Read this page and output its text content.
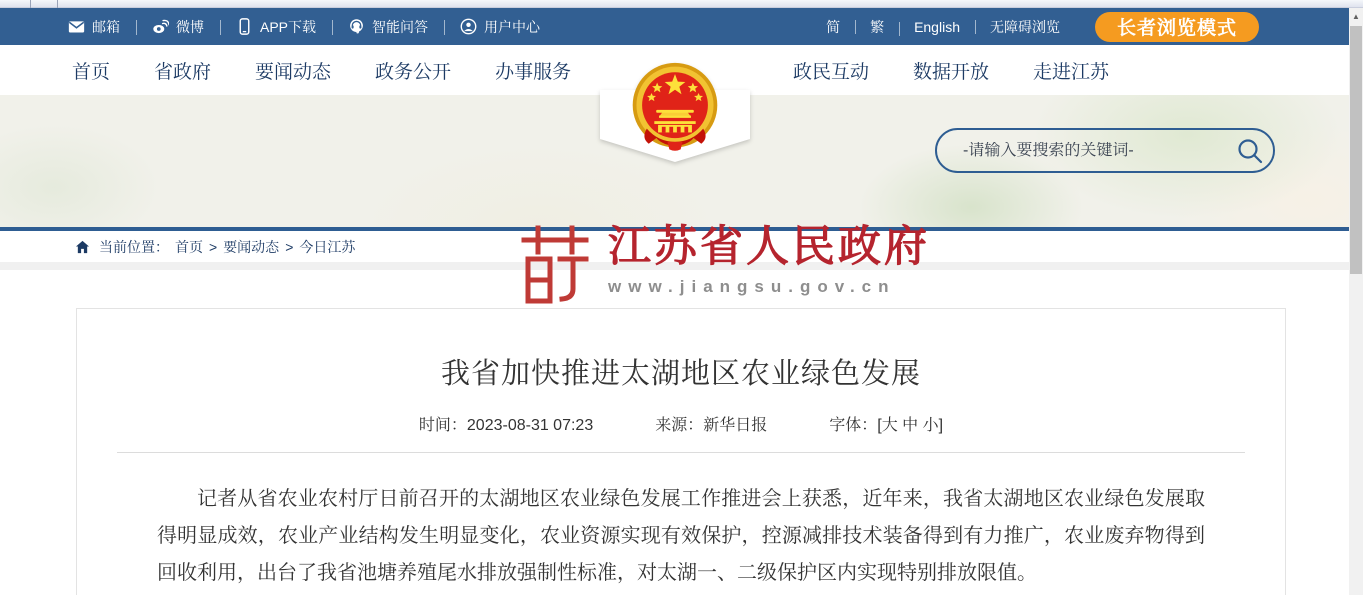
▲
邮箱	微博	APP下载	智能问答	用户中心	简	繁	English	无障碍浏览	长者浏览模式
首页 省政府 要闻动态 政务公开 办事服务	政民互动 数据开放 走进江苏
江苏省人民政府
www.jiangsu.gov.cn
-请输入要搜索的关键词-
当前位置： 首页 > 要闻动态 > 今日江苏
我省加快推进太湖地区农业绿色发展
时间：2023-08-31 07:23	来源：新华日报	字体：[大 中 小]

记者从省农业农村厅日前召开的太湖地区农业绿色发展工作推进会上获悉，近年来，我省太湖地区农业绿色发展取得明显成效，农业产业结构发生明显变化，农业资源实现有效保护，控源减排技术装备得到有力推广，农业废弃物得到回收利用，出台了我省池塘养殖尾水排放强制性标准，对太湖一、二级保护区内实现特别排放限值。
